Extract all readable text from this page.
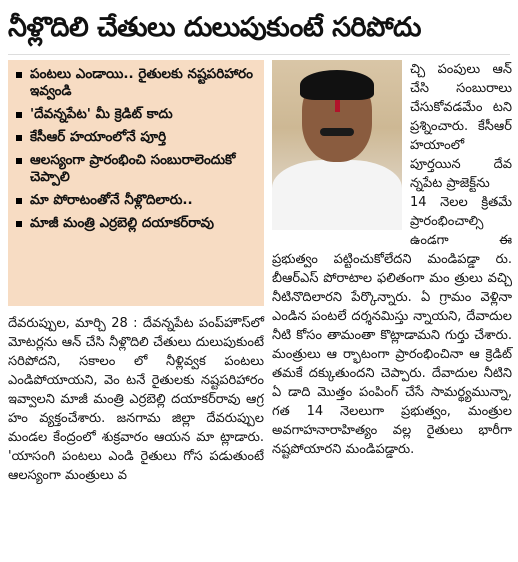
నీళ్లొదిలి చేతులు దులుపుకుంటే సరిపోదు
పంటలు ఎండాయి.. రైతులకు నష్టపరిహారం ఇవ్వండి
'దేవన్నపేట' మీ క్రెడిట్ కాదు
కేసీఆర్ హయాంలోనే పూర్తి
ఆలస్యంగా ప్రారంభించి సంబురాలెందుకో చెప్పాలి
మా పోరాటంతోనే నీళ్లొదిలారు..
మాజీ మంత్రి ఎర్రబెల్లి దయాకర్‌రావు
దేవరుప్పుల, మార్చి 28 : దేవన్నపేట పంప్‌హౌస్‌లో మోటర్లను ఆన్ చేసి నీళ్లొదిలి చేతులు దులుపుకుంటే సరిపోదని, సకాలం లో నీళ్లివ్వక పంటలు ఎండిపోయాయని, వెం టనే రైతులకు నష్టపరిహారం ఇవ్వాలని మాజీ మంత్రి ఎర్రబెల్లి దయాకర్‌రావు ఆగ్ర హం వ్యక్తంచేశారు. జనగామ జిల్లా దేవరుప్పుల మండల కేంద్రంలో శుక్రవారం ఆయన మా ట్లాడారు. 'యాసంగి పంటలు ఎండి రైతులు గోస పడుతుంటే ఆలస్యంగా మంత్రులు వ
చ్చి పంపులు ఆన్ చేసి సంబురాలు చేసుకోవడమేం టని ప్రశ్నించారు. కేసీఆర్ హయాంలో పూర్తయిన దేవ న్నపేట ప్రాజెక్ట్‌ను
14 నెలల క్రితమే ప్రారంభించాల్సి ఉండగా ఈ ప్రభుత్వం పట్టించుకోలేదని మండిపడ్డా రు. బీఆర్‌ఎస్ పోరాటాల ఫలితంగా మం త్రులు వచ్చి నీటినొదిలారని పేర్కొన్నారు. ఏ గ్రామం వెళ్లినా ఎండిన పంటలే దర్శనమిస్తు న్నాయని, దేవాదుల నీటి కోసం తామంతా కొట్లాడామని గుర్తు చేశారు. మంత్రులు ఆ ర్భాటంగా ప్రారంభించినా ఆ క్రెడిట్ తమకే దక్కుతుందని చెప్పారు. దేవాదుల నీటిని ఏ డాది మొత్తం పంపింగ్ చేసే సామర్థ్యమున్నా, గత 14 నెలలుగా ప్రభుత్వం, మంత్రుల అవగాహనారాహిత్యం వల్ల రైతులు భారీగా నష్టపోయారని మండిపడ్డారు.
